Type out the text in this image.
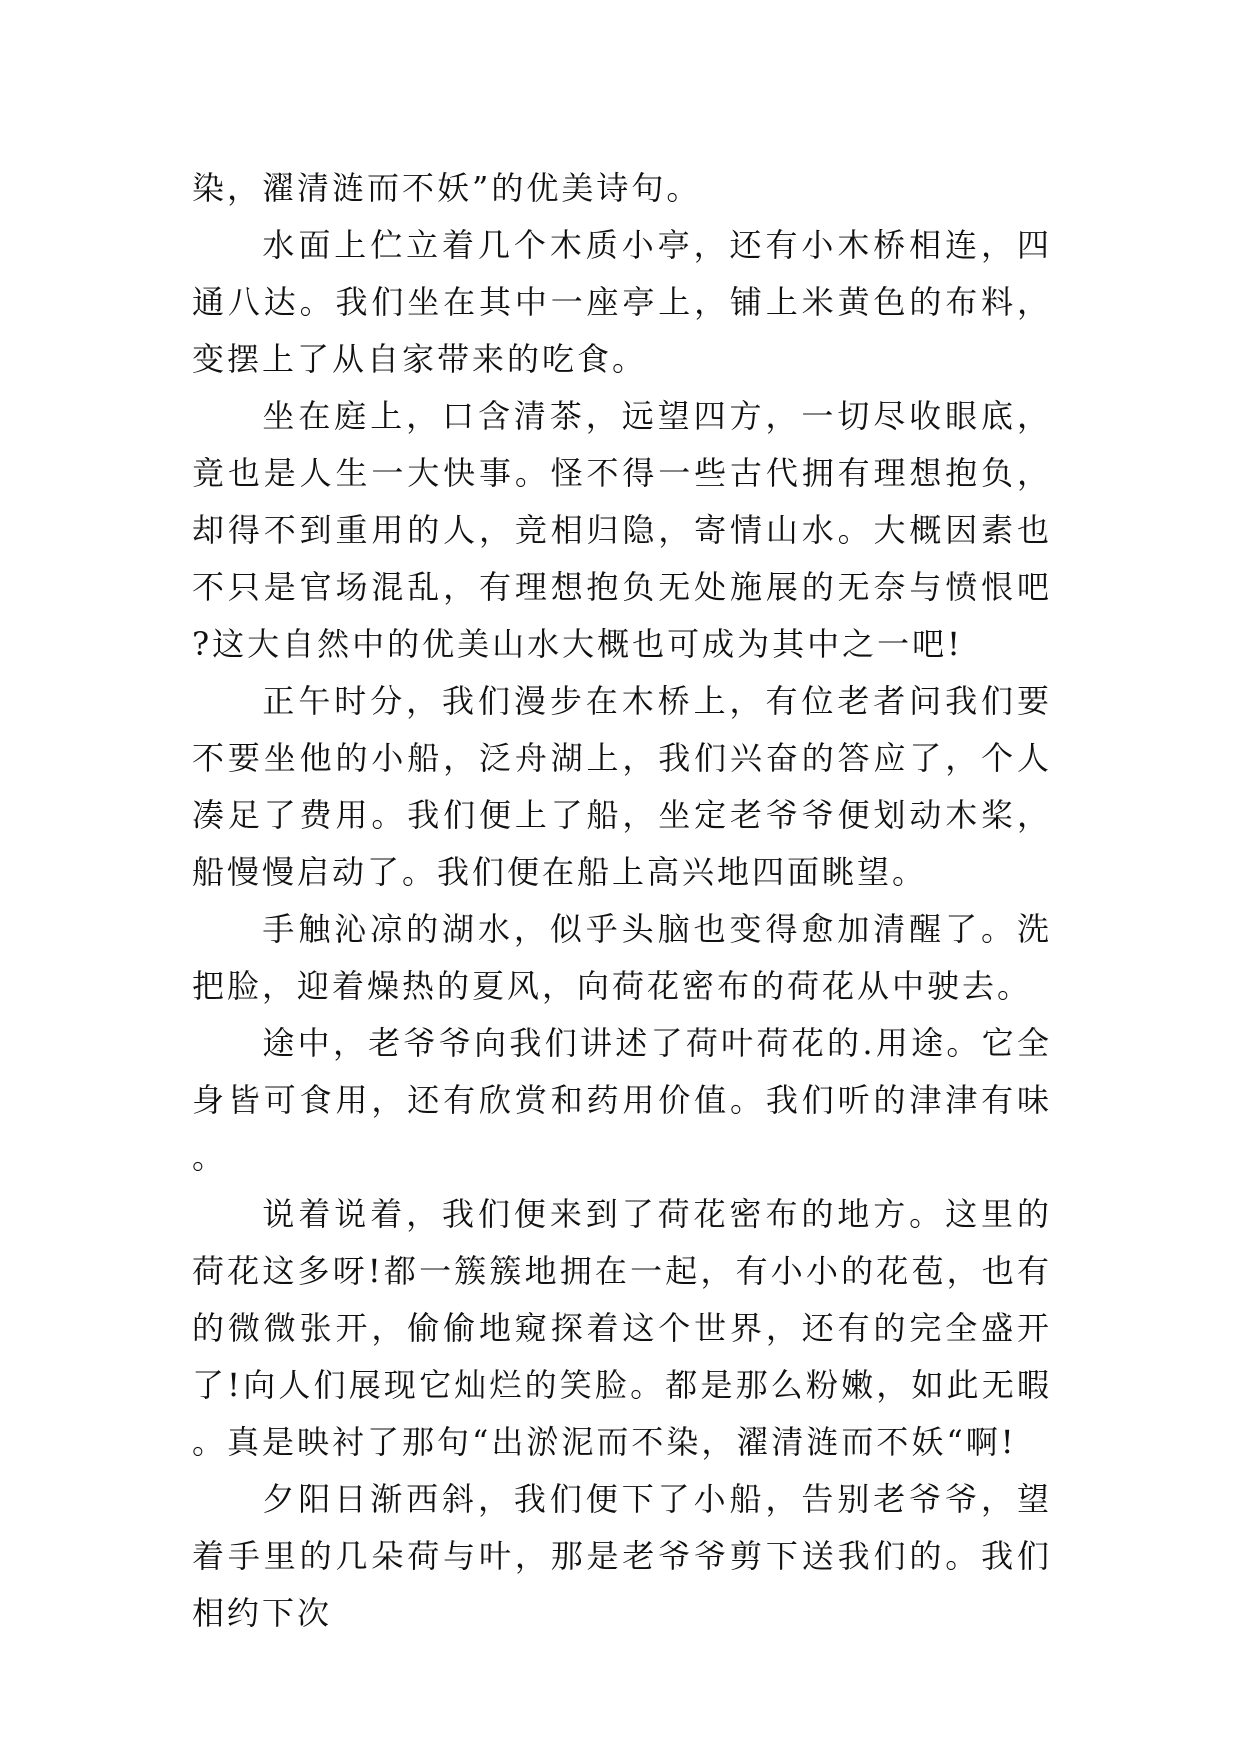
染，濯清涟而不妖”的优美诗句。

水面上伫立着几个木质小亭，还有小木桥相连，四通八达。我们坐在其中一座亭上，铺上米黄色的布料，变摆上了从自家带来的吃食。

坐在庭上，口含清茶，远望四方，一切尽收眼底，竟也是人生一大快事。怪不得一些古代拥有理想抱负，却得不到重用的人，竞相归隐，寄情山水。大概因素也不只是官场混乱，有理想抱负无处施展的无奈与愤恨吧?这大自然中的优美山水大概也可成为其中之一吧!

正午时分，我们漫步在木桥上，有位老者问我们要不要坐他的小船，泛舟湖上，我们兴奋的答应了，个人凑足了费用。我们便上了船，坐定老爷爷便划动木桨，船慢慢启动了。我们便在船上高兴地四面眺望。

手触沁凉的湖水，似乎头脑也变得愈加清醒了。洗把脸，迎着燥热的夏风，向荷花密布的荷花从中驶去。

途中，老爷爷向我们讲述了荷叶荷花的.用途。它全身皆可食用，还有欣赏和药用价值。我们听的津津有味。

说着说着，我们便来到了荷花密布的地方。这里的荷花这多呀!都一簇簇地拥在一起，有小小的花苞，也有的微微张开，偷偷地窥探着这个世界，还有的完全盛开了!向人们展现它灿烂的笑脸。都是那么粉嫩，如此无暇。真是映衬了那句“出淤泥而不染，濯清涟而不妖“啊!

夕阳日渐西斜，我们便下了小船，告别老爷爷，望着手里的几朵荷与叶，那是老爷爷剪下送我们的。我们相约下次
